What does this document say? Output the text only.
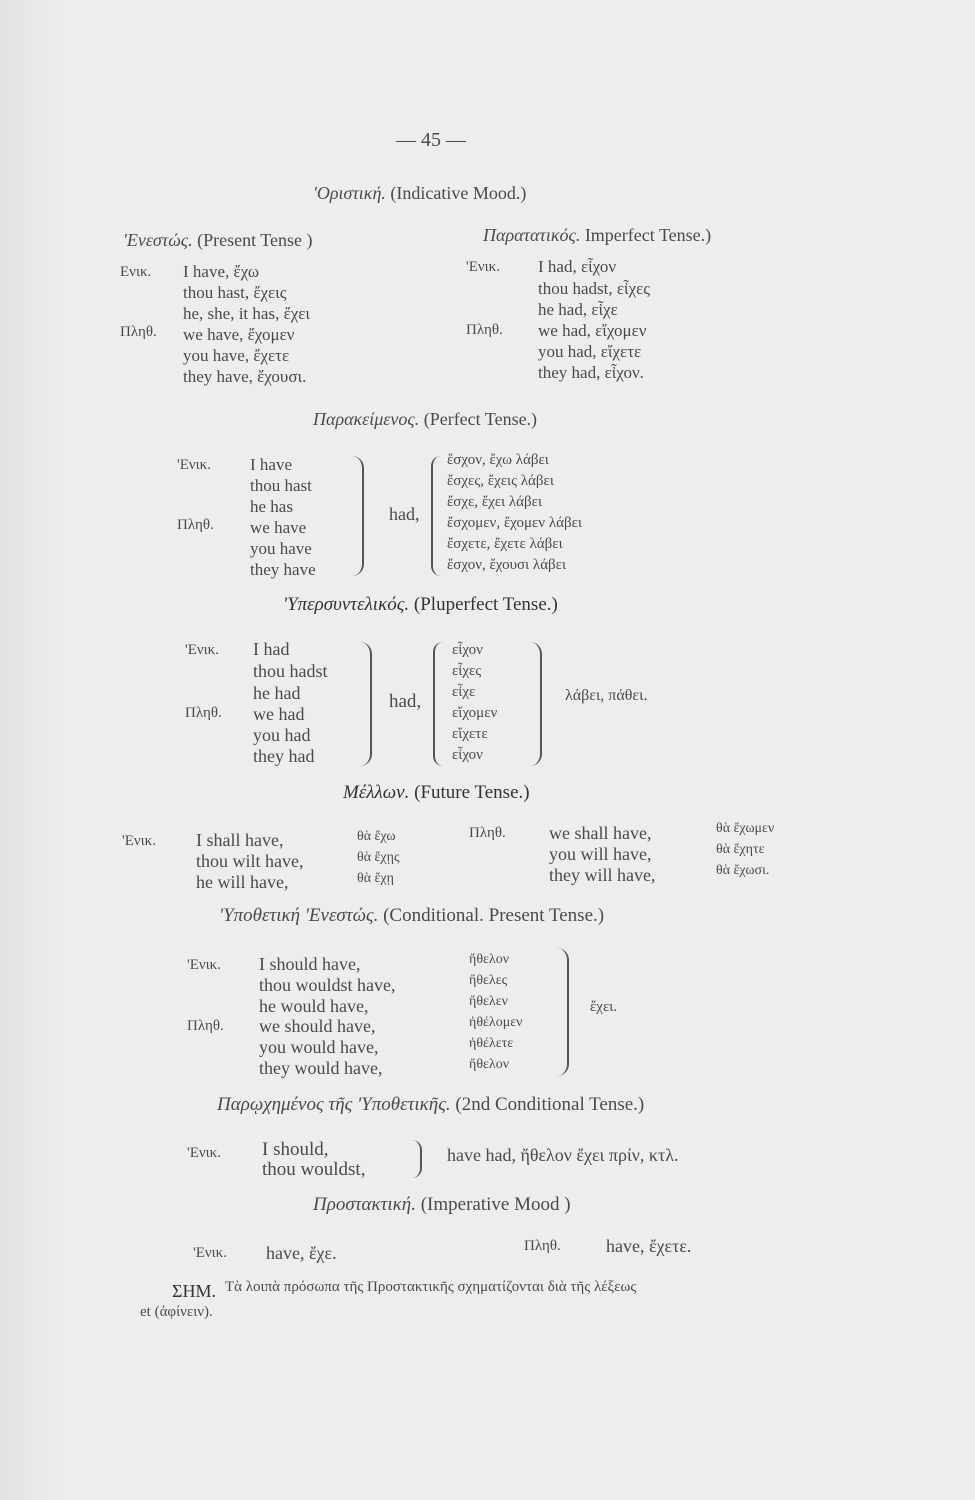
— 45 —
'Οριστική. (Indicative Mood.)
'Ενεστώς. (Present Tense )
Ενικ.
Πληθ.
I have, ἔχω
thou hast, ἔχεις
he, she, it has, ἔχει
we have, ἔχομεν
you have, ἔχετε
they have, ἔχουσι.
Παρατατικός. Imperfect Tense.)
'Ενικ.
Πληθ.
I had, εἶχον
thou hadst, εἶχες
he had, εἶχε
we had, εἴχομεν
you had, εἴχετε
they had, εἶχον.
Παρακείμενος. (Perfect Tense.)
'Ενικ.
Πληθ.
I have
thou hast
he has
we have
you have
they have
had,
ἔσχον, ἔχω λάβει
ἔσχες, ἔχεις λάβει
ἔσχε, ἔχει λάβει
ἔσχομεν, ἔχομεν λάβει
ἔσχετε, ἔχετε λάβει
ἔσχον, ἔχουσι λάβει
'Υπερσυντελικός. (Pluperfect Tense.)
'Ενικ.
Πληθ.
I had
thou hadst
he had
we had
you had
they had
had,
εἶχον
εἶχες
εἶχε
εἴχομεν
εἴχετε
εἶχον
λάβει, πάθει.
Μέλλων. (Future Tense.)
'Ενικ. I shall have,
thou wilt have,
he will have,
θὰ ἔχω
θὰ ἔχῃς
θὰ ἔχῃ
Πληθ. we shall have,
you will have,
they will have,
θὰ ἔχωμεν
θὰ ἔχητε
θὰ ἔχωσι.
'Υποθετική 'Ενεστώς. (Conditional. Present Tense.)
'Ενικ.
Πληθ.
I should have,
thou wouldst have,
he would have,
we should have,
you would have,
they would have,
ἤθελον
ἤθελες
ἤθελεν
ἠθέλομεν
ἠθέλετε
ἤθελον
ἔχει.
Παρῳχημένος τῆς 'Υποθετικῆς. (2nd Conditional Tense.)
'Ενικ. I should,
thou wouldst,
have had, ἤθελον ἔχει πρίν, κτλ.
Προστακτική. (Imperative Mood )
'Ενικ. have, ἔχε.	Πληθ.	have, ἔχετε.
ΣΗΜ. Τὰ λοιπὰ πρόσωπα τῆς Προστακτικῆς σχηματίζονται διὰ τῆς λέξεως
et (ἀφίνειν).
